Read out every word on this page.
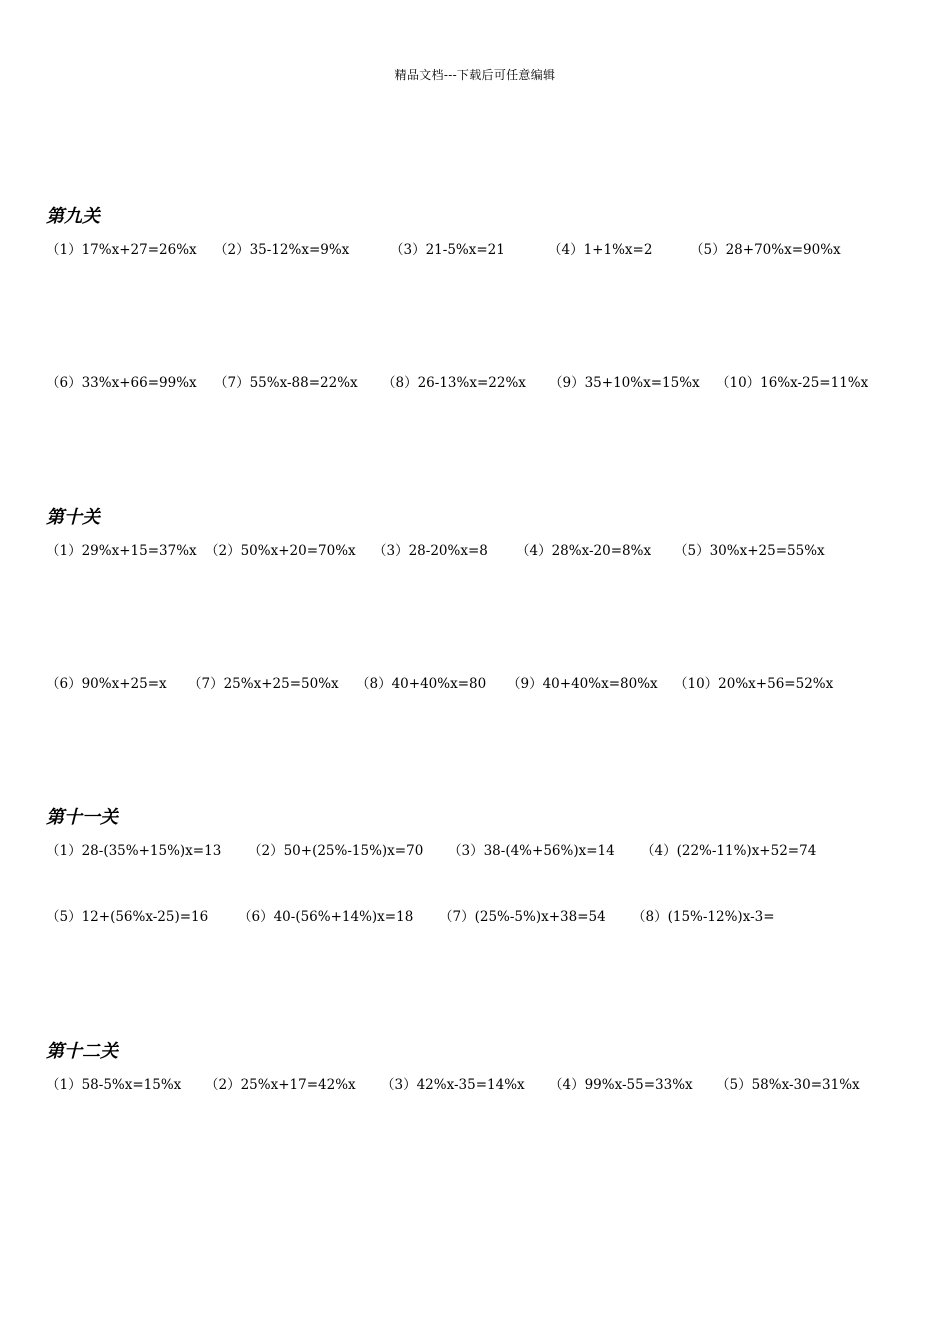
精品文档---下载后可任意编辑
第九关
（1）17%x+27=26%x （2）35-12%x=9%x	（3）21-5%x=21	（4）1+1%x=2	（5）28+70%x=90%x
（6）33%x+66=99%x （7）55%x-88=22%x （8）26-13%x=22%x （9）35+10%x=15%x （10）16%x-25=11%x
第十关
（1）29%x+15=37%x （2）50%x+20=70%x （3）28-20%x=8 （4）28%x-20=8%x （5）30%x+25=55%x
（6）90%x+25=x （7）25%x+25=50%x （8）40+40%x=80 （9）40+40%x=80%x （10）20%x+56=52%x
第十一关
（1）28-(35%+15%)x=13 （2）50+(25%-15%)x=70 （3）38-(4%+56%)x=14 （4）(22%-11%)x+52=74
（5）12+(56%x-25)=16 （6）40-(56%+14%)x=18 （7）(25%-5%)x+38=54 （8）(15%-12%)x-3=
第十二关
（1）58-5%x=15%x （2）25%x+17=42%x （3）42%x-35=14%x （4）99%x-55=33%x （5）58%x-30=31%x
